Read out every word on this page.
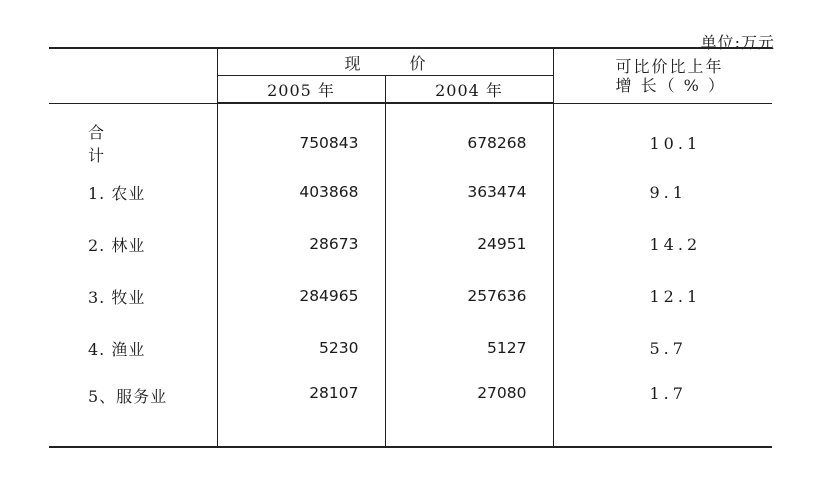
单位:万元
	现 价		可比价比上年
增 长（ % ）

	2005 年	2004 年	

合 计	750843	678268	10.1
1. 农业	403868	363474	9.1
2. 林业	28673	24951	14.2
3. 牧业	284965	257636	12.1
4. 渔业	5230	5127	5.7
5、服务业	28107	27080	1.7
